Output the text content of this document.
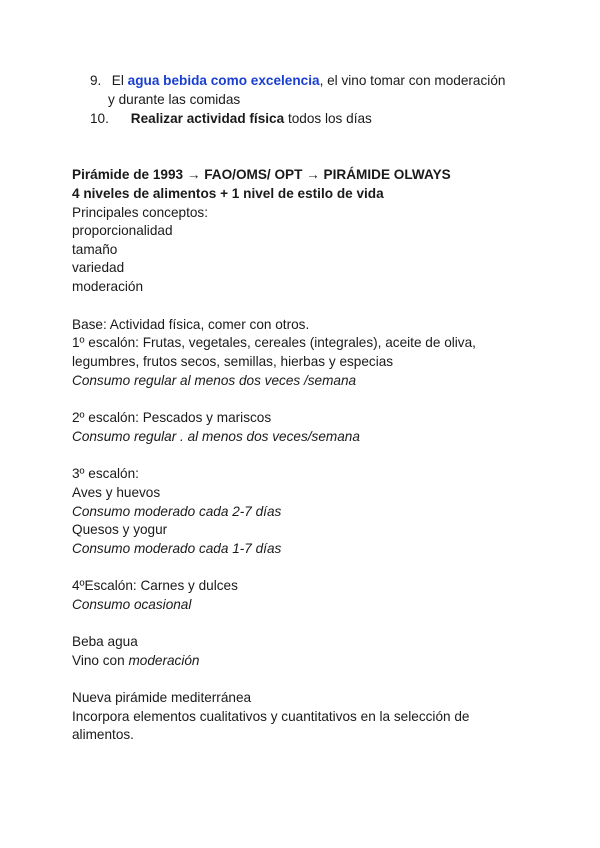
9. El agua bebida como excelencia, el vino tomar con moderación
y durante las comidas
10. Realizar actividad física todos los días
Pirámide de 1993 → FAO/OMS/ OPT → PIRÁMIDE OLWAYS
4 niveles de alimentos + 1 nivel de estilo de vida
Principales conceptos:
proporcionalidad
tamaño
variedad
moderación
Base: Actividad física, comer con otros.
1º escalón: Frutas, vegetales, cereales (integrales), aceite de oliva,
legumbres, frutos secos, semillas, hierbas y especias
Consumo regular al menos dos veces /semana
2º escalón: Pescados y mariscos
Consumo regular . al menos dos veces/semana
3º escalón:
Aves y huevos
Consumo moderado cada 2-7 días
Quesos y yogur
Consumo moderado cada 1-7 días
4ºEscalón: Carnes y dulces
Consumo ocasional
Beba agua
Vino con moderación
Nueva pirámide mediterránea
Incorpora elementos cualitativos y cuantitativos en la selección de
alimentos.
